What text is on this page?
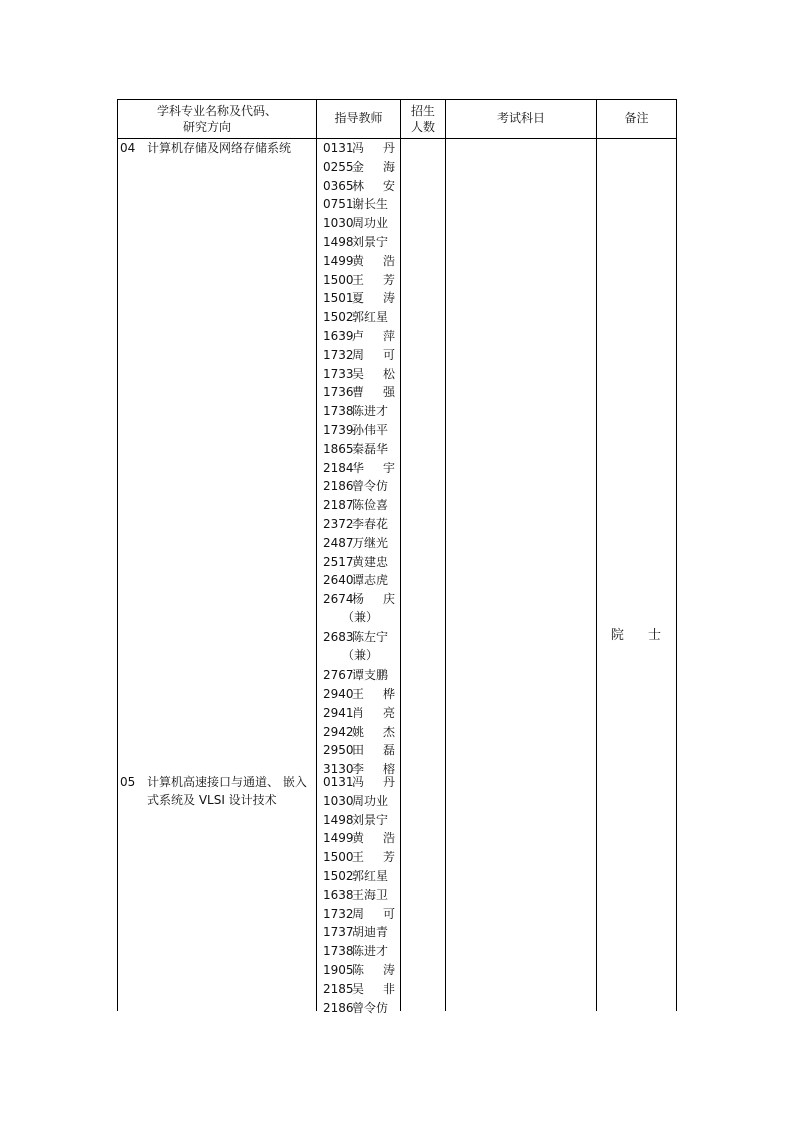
学科专业名称及代码、
研究方向
指导教师	招生
人数
考试科日	备注
04 计算机存储及网络存储系统
05 计算机高速接口与通道、 嵌入式系统及 VLSI 设计技术
0131
冯 丹
0255
金 海
0365
林 安
0751
谢长生
1030
周功业
1498
刘景宁
1499
黄 浩
1500
王 芳
1501
夏 涛
1502
郭红星
1639
卢 萍
1732
周 可
1733
吴 松
1736
曹 强
1738
陈进才
1739
孙伟平
1865
秦磊华
2184
华 宇
2186
曾令仿
2187
陈俭喜
2372
李春花
2487
万继光
2517
黄建忠
2640
谭志虎
2674
杨 庆
（兼）
2683
陈左宁
（兼）
2767
谭支鹏
2940
王 桦
2941
肖 亮
2942
姚 杰
2950
田 磊
3130
李 榕
0131
冯 丹
1030
周功业
1498
刘景宁
1499
黄 浩
1500
王 芳
1502
郭红星
1638
王海卫
1732
周 可
1737
胡迪青
1738
陈进才
1905
陈 涛
2185
吴 非
2186
曾令仿
院 士
